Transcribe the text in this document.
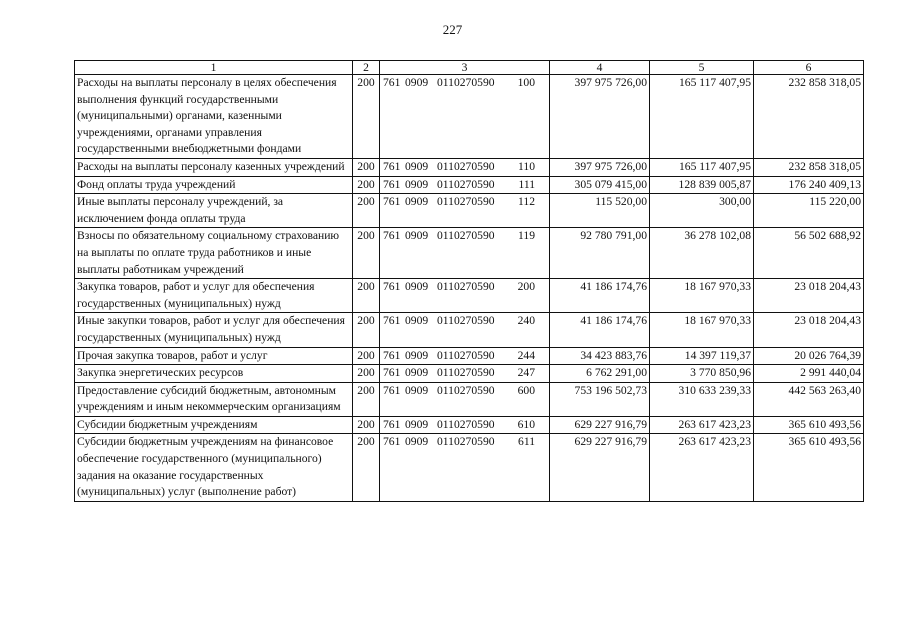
227
1	2	3	4	5	6
Расходы на выплаты персоналу в целях обеспечения выполнения функций государственными (муниципальными) органами, казенными учреждениями, органами управления государственными внебюджетными фондами	200	761 0909 0110270590 100	397 975 726,00	165 117 407,95	232 858 318,05
Расходы на выплаты персоналу казенных учреждений	200	761 0909 0110270590 110	397 975 726,00	165 117 407,95	232 858 318,05
Фонд оплаты труда учреждений	200	761 0909 0110270590 111	305 079 415,00	128 839 005,87	176 240 409,13
Иные выплаты персоналу учреждений, за исключением фонда оплаты труда	200	761 0909 0110270590 112	115 520,00	300,00	115 220,00
Взносы по обязательному социальному страхованию на выплаты по оплате труда работников и иные выплаты работникам учреждений	200	761 0909 0110270590 119	92 780 791,00	36 278 102,08	56 502 688,92
Закупка товаров, работ и услуг для обеспечения государственных (муниципальных) нужд	200	761 0909 0110270590 200	41 186 174,76	18 167 970,33	23 018 204,43
Иные закупки товаров, работ и услуг для обеспечения государственных (муниципальных) нужд	200	761 0909 0110270590 240	41 186 174,76	18 167 970,33	23 018 204,43
Прочая закупка товаров, работ и услуг	200	761 0909 0110270590 244	34 423 883,76	14 397 119,37	20 026 764,39
Закупка энергетических ресурсов	200	761 0909 0110270590 247	6 762 291,00	3 770 850,96	2 991 440,04
Предоставление субсидий бюджетным, автономным учреждениям и иным некоммерческим организациям	200	761 0909 0110270590 600	753 196 502,73	310 633 239,33	442 563 263,40
Субсидии бюджетным учреждениям	200	761 0909 0110270590 610	629 227 916,79	263 617 423,23	365 610 493,56
Субсидии бюджетным учреждениям на финансовое обеспечение государственного (муниципального) задания на оказание государственных (муниципальных) услуг (выполнение работ)	200	761 0909 0110270590 611	629 227 916,79	263 617 423,23	365 610 493,56
